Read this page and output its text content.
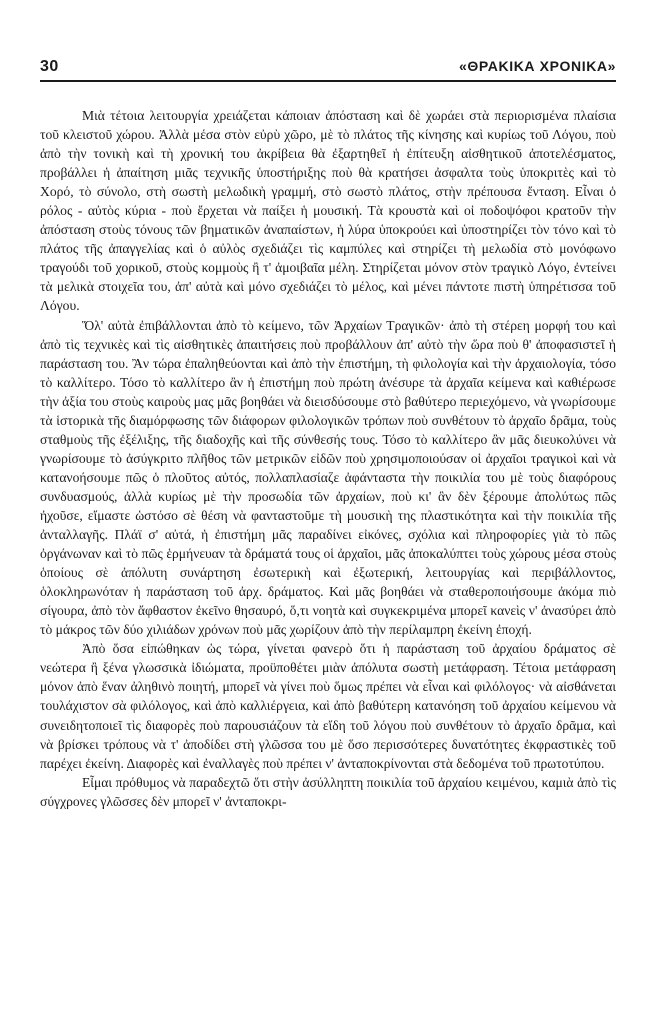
30	«ΘΡΑΚΙΚΑ ΧΡΟΝΙΚΑ»

Μιὰ τέτοια λειτουργία χρειάζεται κάποιαν ἀπόσταση καὶ δὲ χωράει στὰ περιορισμένα πλαίσια τοῦ κλειστοῦ χώρου. Ἀλλὰ μέσα στὸν εὐρὺ χῶρο, μὲ τὸ πλάτος τῆς κίνησης καὶ κυρίως τοῦ Λόγου, ποὺ ἀπὸ τὴν τονικὴ καὶ τὴ χρονική του ἀκρίβεια θὰ ἐξαρτηθεῖ ἡ ἐπίτευξη αἰσθητικοῦ ἀποτελέσματος, προβάλλει ἡ ἀπαίτηση μιᾶς τεχνικῆς ὑποστήριξης ποὺ θὰ κρατήσει ἀσφαλτα τοὺς ὑποκριτὲς καὶ τὸ Χορό, τὸ σύνολο, στὴ σωστὴ μελωδικὴ γραμμή, στὸ σωστὸ πλάτος, στὴν πρέπουσα ἔνταση. Εἶναι ὁ ρόλος - αὐτὸς κύρια - ποὺ ἔρχεται νὰ παίξει ἡ μουσική. Τὰ κρουστὰ καὶ οἱ ποδοψόφοι κρατοῦν τὴν ἀπόσταση στοὺς τόνους τῶν βηματικῶν ἀναπαίστων, ἡ λύρα ὑποκρούει καὶ ὑποστηρίζει τὸν τόνο καὶ τὸ πλάτος τῆς ἀπαγγελίας καὶ ὁ αὐλὸς σχεδιάζει τὶς καμπύλες καὶ στηρίζει τὴ μελωδία στὸ μονόφωνο τραγούδι τοῦ χορικοῦ, στοὺς κομμοὺς ἢ τ' ἀμοιβαῖα μέλη. Στηρίζεται μόνον στὸν τραγικὸ Λόγο, ἐντείνει τὰ μελικὰ στοιχεῖα του, ἀπ' αὐτὰ καὶ μόνο σχεδιάζει τὸ μέλος, καὶ μένει πάντοτε πιστὴ ὑπηρέτισσα τοῦ Λόγου.

Ὅλ' αὐτὰ ἐπιβάλλονται ἀπὸ τὸ κείμενο, τῶν Ἀρχαίων Τραγικῶν· ἀπὸ τὴ στέρεη μορφή του καὶ ἀπὸ τὶς τεχνικὲς καὶ τὶς αἰσθητικὲς ἀπαιτήσεις ποὺ προβάλλουν ἀπ' αὐτὸ τὴν ὥρα ποὺ θ' ἀποφασιστεῖ ἡ παράσταση του. Ἂν τώρα ἐπαληθεύονται καὶ ἀπὸ τὴν ἐπιστήμη, τὴ φιλολογία καὶ τὴν ἀρχαιολογία, τόσο τὸ καλλίτερο. Τόσο τὸ καλλίτερο ἂν ἡ ἐπιστήμη ποὺ πρώτη ἀνέσυρε τὰ ἀρχαῖα κείμενα καὶ καθιέρωσε τὴν ἀξία του στοὺς καιροὺς μας μᾶς βοηθάει νὰ διεισδύσουμε στὸ βαθύτερο περιεχόμενο, νὰ γνωρίσουμε τὰ ἱστορικὰ τῆς διαμόρφωσης τῶν διάφορων φιλολογικῶν τρόπων ποὺ συνθέτουν τὸ ἀρχαῖο δρᾶμα, τοὺς σταθμοὺς τῆς ἐξέλιξης, τῆς διαδοχῆς καὶ τῆς σύνθεσής τους. Τόσο τὸ καλλίτερο ἂν μᾶς διευκολύνει νὰ γνωρίσουμε τὸ ἀσύγκριτο πλῆθος τῶν μετρικῶν εἰδῶν ποὺ χρησιμοποιούσαν οἱ ἀρχαῖοι τραγικοὶ καὶ νὰ κατανοήσουμε πῶς ὁ πλοῦτος αὐτός, πολλαπλασίαζε ἀφάνταστα τὴν ποικιλία του μὲ τοὺς διαφόρους συνδυασμούς, ἀλλὰ κυρίως μὲ τὴν προσωδία τῶν ἀρχαίων, ποὺ κι' ἂν δὲν ξέρουμε ἀπολύτως πῶς ἠχοῦσε, εἴμαστε ὡστόσο σὲ θέση νὰ φανταστοῦμε τὴ μουσικὴ της πλαστικότητα καὶ τὴν ποικιλία τῆς ἀνταλλαγῆς. Πλάϊ σ' αὐτά, ἡ ἐπιστήμη μᾶς παραδίνει εἰκόνες, σχόλια καὶ πληροφορίες γιὰ τὸ πῶς ὀργάνωναν καὶ τὸ πῶς ἑρμήνευαν τὰ δράματά τους οἱ ἀρχαῖοι, μᾶς ἀποκαλύπτει τοὺς χώρους μέσα στοὺς ὁποίους σὲ ἀπόλυτη συνάρτηση ἐσωτερικὴ καὶ ἐξωτερική, λειτουργίας καὶ περιβάλλοντος, ὁλοκληρωνόταν ἡ παράσταση τοῦ ἀρχ. δράματος. Καὶ μᾶς βοηθάει νὰ σταθεροποιήσουμε ἀκόμα πιὸ σίγουρα, ἀπὸ τὸν ἄφθαστον ἐκεῖνο θησαυρό, ὅ,τι νοητὰ καὶ συγκεκριμένα μπορεῖ κανεὶς ν' ἀνασύρει ἀπὸ τὸ μάκρος τῶν δύο χιλιάδων χρόνων ποὺ μᾶς χωρίζουν ἀπὸ τὴν περίλαμπρη ἐκείνη ἐποχή.

Ἀπὸ ὅσα εἰπώθηκαν ὡς τώρα, γίνεται φανερὸ ὅτι ἡ παράσταση τοῦ ἀρχαίου δράματος σὲ νεώτερα ἢ ξένα γλωσσικὰ ἰδιώματα, προϋποθέτει μιὰν ἀπόλυτα σωστὴ μετάφραση. Τέτοια μετάφραση μόνον ἀπὸ ἕναν ἀληθινὸ ποιητή, μπορεῖ νὰ γίνει ποὺ ὅμως πρέπει νὰ εἶναι καὶ φιλόλογος· νὰ αἰσθάνεται τουλάχιστον σὰ φιλόλογος, καὶ ἀπὸ καλλιέργεια, καὶ ἀπὸ βαθύτερη κατανόηση τοῦ ἀρχαίου κείμενου νὰ συνειδητοποιεῖ τὶς διαφορὲς ποὺ παρουσιάζουν τὰ εἴδη τοῦ λόγου ποὺ συνθέτουν τὸ ἀρχαῖο δρᾶμα, καὶ νὰ βρίσκει τρόπους νὰ τ' ἀποδίδει στὴ γλῶσσα του μὲ ὅσο περισσότερες δυνατότητες ἐκφραστικὲς τοῦ παρέχει ἐκείνη. Διαφορὲς καὶ ἐναλλαγὲς ποὺ πρέπει ν' ἀνταποκρίνονται στὰ δεδομένα τοῦ πρωτοτύπου.

Εἶμαι πρόθυμος νὰ παραδεχτῶ ὅτι στὴν ἀσύλληπτη ποικιλία τοῦ ἀρχαίου κειμένου, καμιὰ ἀπὸ τὶς σύγχρονες γλῶσσες δὲν μπορεῖ ν' ἀνταποκρι-
